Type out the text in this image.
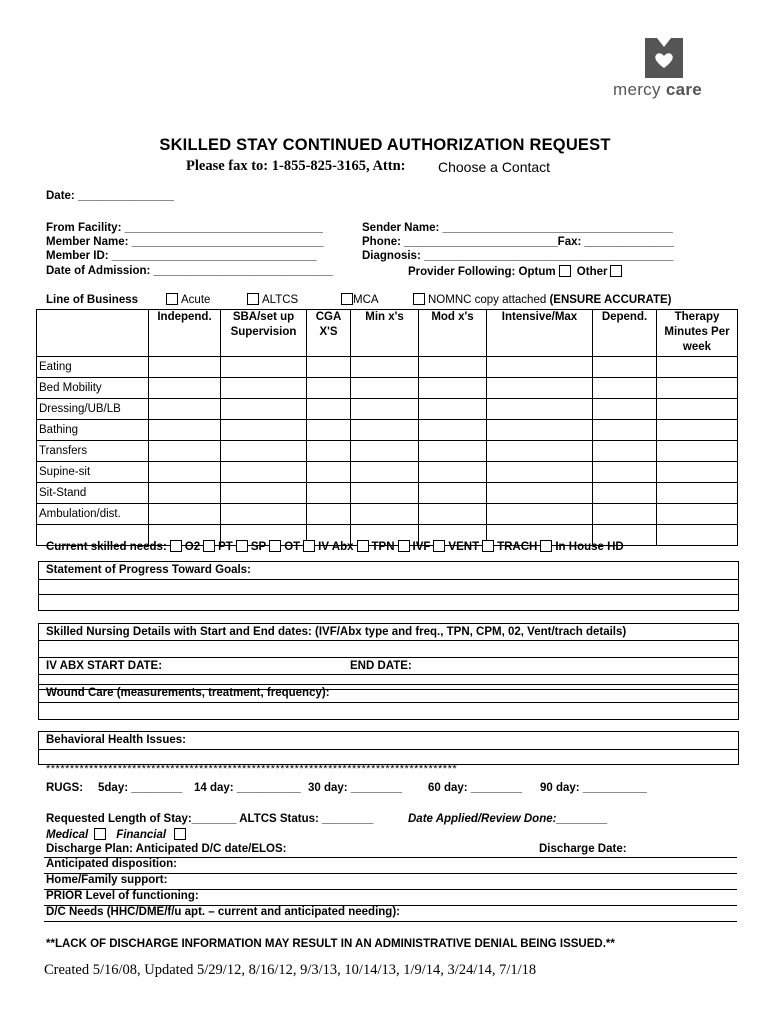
mercy care
SKILLED STAY CONTINUED AUTHORIZATION REQUEST
Please fax to: 1-855-825-3165, Attn: Choose a Contact
Date: _______________
From Facility: _______________________________
Member Name: ______________________________
Member ID: ________________________________
Date of Admission: ____________________________
Sender Name: ____________________________________
Phone: ________________________Fax: ______________
Diagnosis: _______________________________________
Provider Following: Optum Other
Line of Business	Acute	ALTCS	MCA	NOMNC copy attached (ENSURE ACCURATE)
	Independ.	SBA/set up Supervision	CGA X'S	Min x's	Mod x's	Intensive/Max	Depend.	Therapy Minutes Per week
Eating								
Bed Mobility								
Dressing/UB/LB								
Bathing								
Transfers								
Supine-sit								
Sit-Stand								
Ambulation/dist.								

Current skilled needs: O2 PT SP OT IV Abx TPN IVF VENT TRACH In House HD
Statement of Progress Toward Goals:
Skilled Nursing Details with Start and End dates: (IVF/Abx type and freq., TPN, CPM, 02, Vent/trach details)
IV ABX START DATE:	END DATE:
Wound Care (measurements, treatment, frequency):
Behavioral Health Issues:
**************************************************************************************
RUGS: 5day: ________ 14 day: __________ 30 day: ________ 60 day: ________ 90 day: __________
Requested Length of Stay:_______ ALTCS Status: ________	Date Applied/Review Done:________
Medical Financial
Discharge Plan: Anticipated D/C date/ELOS:	Discharge Date:
Anticipated disposition:
Home/Family support:
PRIOR Level of functioning:
D/C Needs (HHC/DME/f/u apt. – current and anticipated needing):
**LACK OF DISCHARGE INFORMATION MAY RESULT IN AN ADMINISTRATIVE DENIAL BEING ISSUED.**
Created 5/16/08, Updated 5/29/12, 8/16/12, 9/3/13, 10/14/13, 1/9/14, 3/24/14, 7/1/18
